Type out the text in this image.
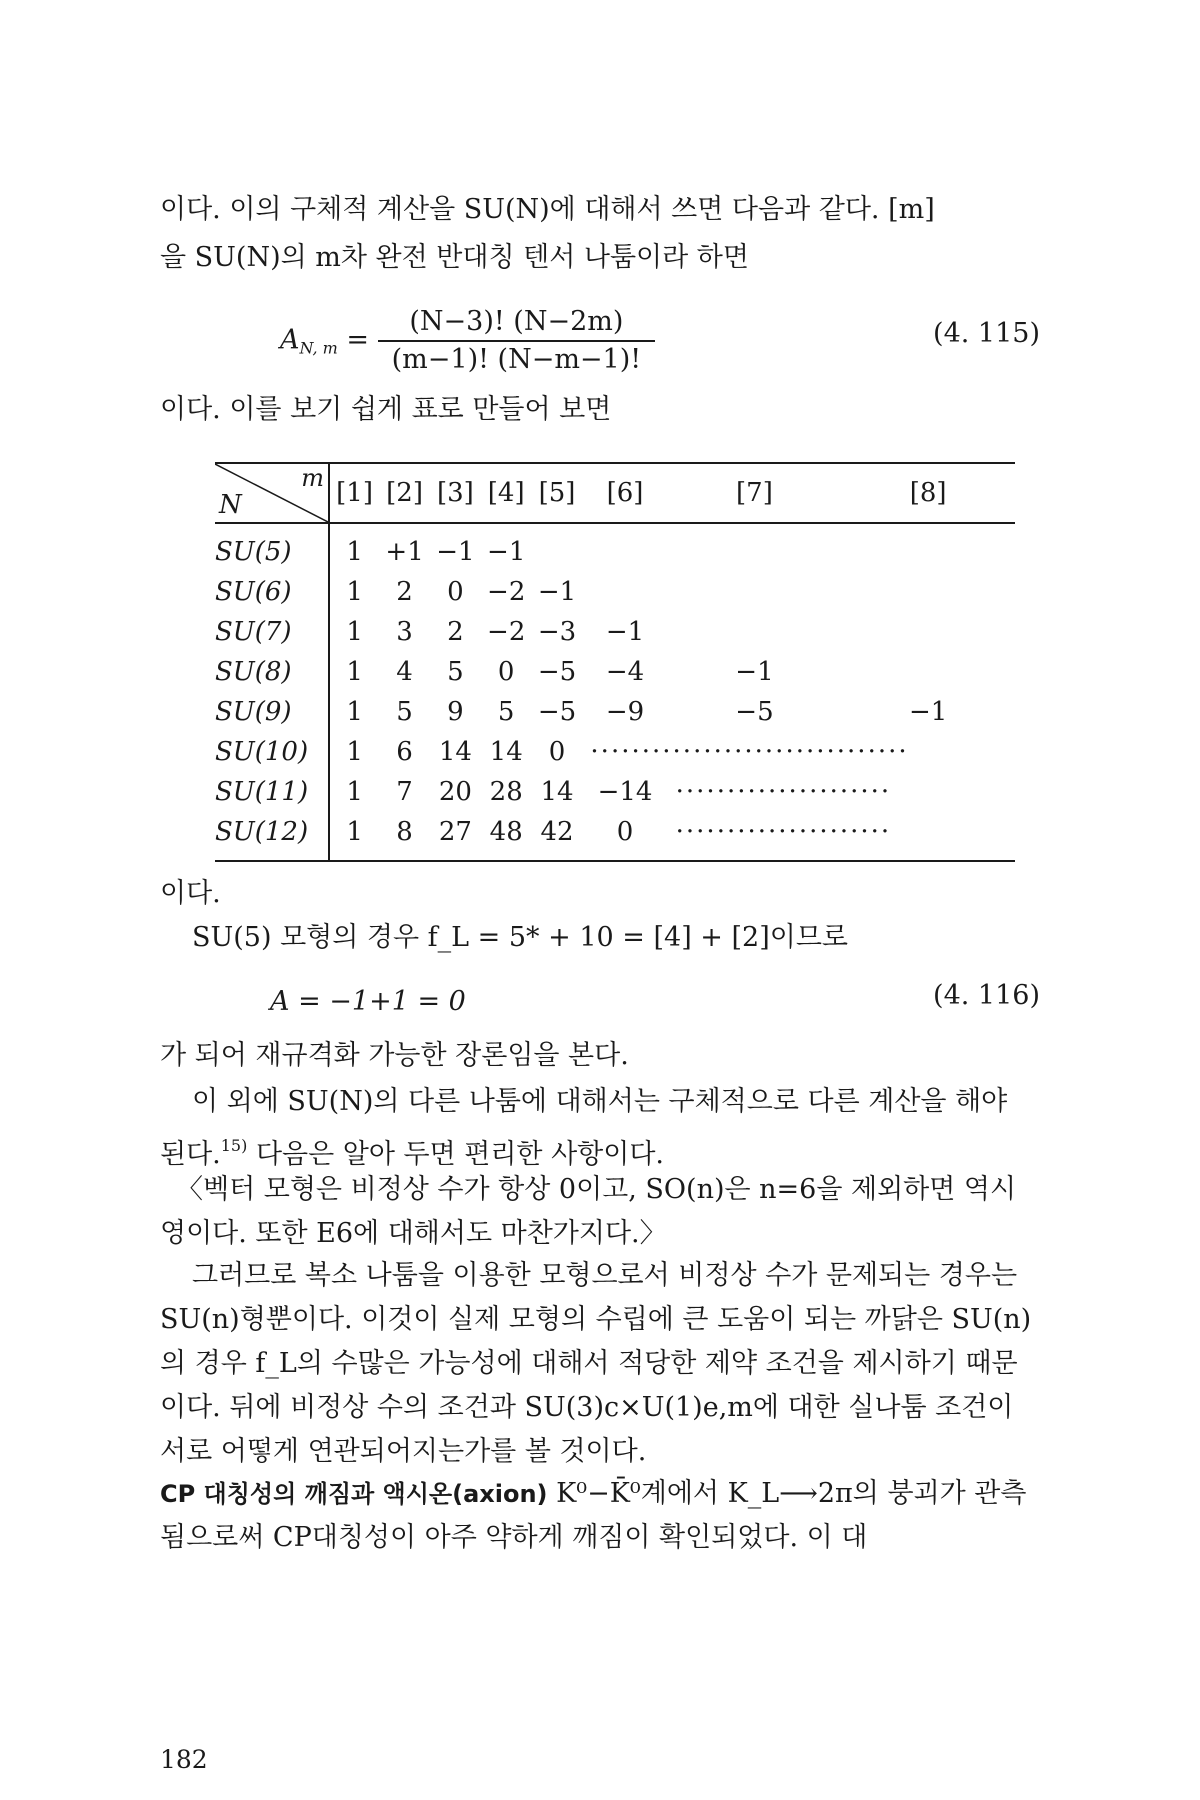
이다. 이의 구체적 계산을 SU(N)에 대해서 쓰면 다음과 같다. [m]

을 SU(N)의 m차 완전 반대칭 텐서 나툼이라 하면

$A_{N, m} = \frac{(N-3)! (N-2m)}{(m-1)! (N-m-1)!}$	(4. 115)

이다. 이를 보기 쉽게 표로 만들어 보면

m
N	[1]	[2]	[3]	[4]	[5]	[6]	[7]	[8]
SU(5)	1	+1	−1	−1				
SU(6)	1	2	0	−2	−1			
SU(7)	1	3	2	−2	−3	−1		
SU(8)	1	4	5	0	−5	−4	−1	
SU(9)	1	5	9	5	−5	−9	−5	−1
SU(10)	1	6	14	14	0	·······························		
SU(11)	1	7	20	28	14	−14	·····················	
SU(12)	1	8	27	48	42	0	·····················	

이다.

SU(5) 모형의 경우 f_L = 5* + 10 = [4] + [2]이므로

A = −1+1 = 0	(4. 116)

가 되어 재규격화 가능한 장론임을 본다.

이 외에 SU(N)의 다른 나툼에 대해서는 구체적으로 다른 계산을 해야 된다.$^{15)}$ 다음은 알아 두면 편리한 사항이다.

〈벡터 모형은 비정상 수가 항상 0이고, SO(n)은 n=6을 제외하면 역시 영이다. 또한 E6에 대해서도 마찬가지다.〉

그러므로 복소 나툼을 이용한 모형으로서 비정상 수가 문제되는 경우는 SU(n)형뿐이다. 이것이 실제 모형의 수립에 큰 도움이 되는 까닭은 SU(n)의 경우 f_L의 수많은 가능성에 대해서 적당한 제약 조건을 제시하기 때문이다. 뒤에 비정상 수의 조건과 SU(3)c×U(1)e,m에 대한 실나툼 조건이 서로 어떻게 연관되어지는가를 볼 것이다.

CP 대칭성의 깨짐과 액시온(axion) K⁰−K̄⁰계에서 K_L⟶2π의 붕괴가 관측됨으로써 CP대칭성이 아주 약하게 깨짐이 확인되었다. 이 대

182
